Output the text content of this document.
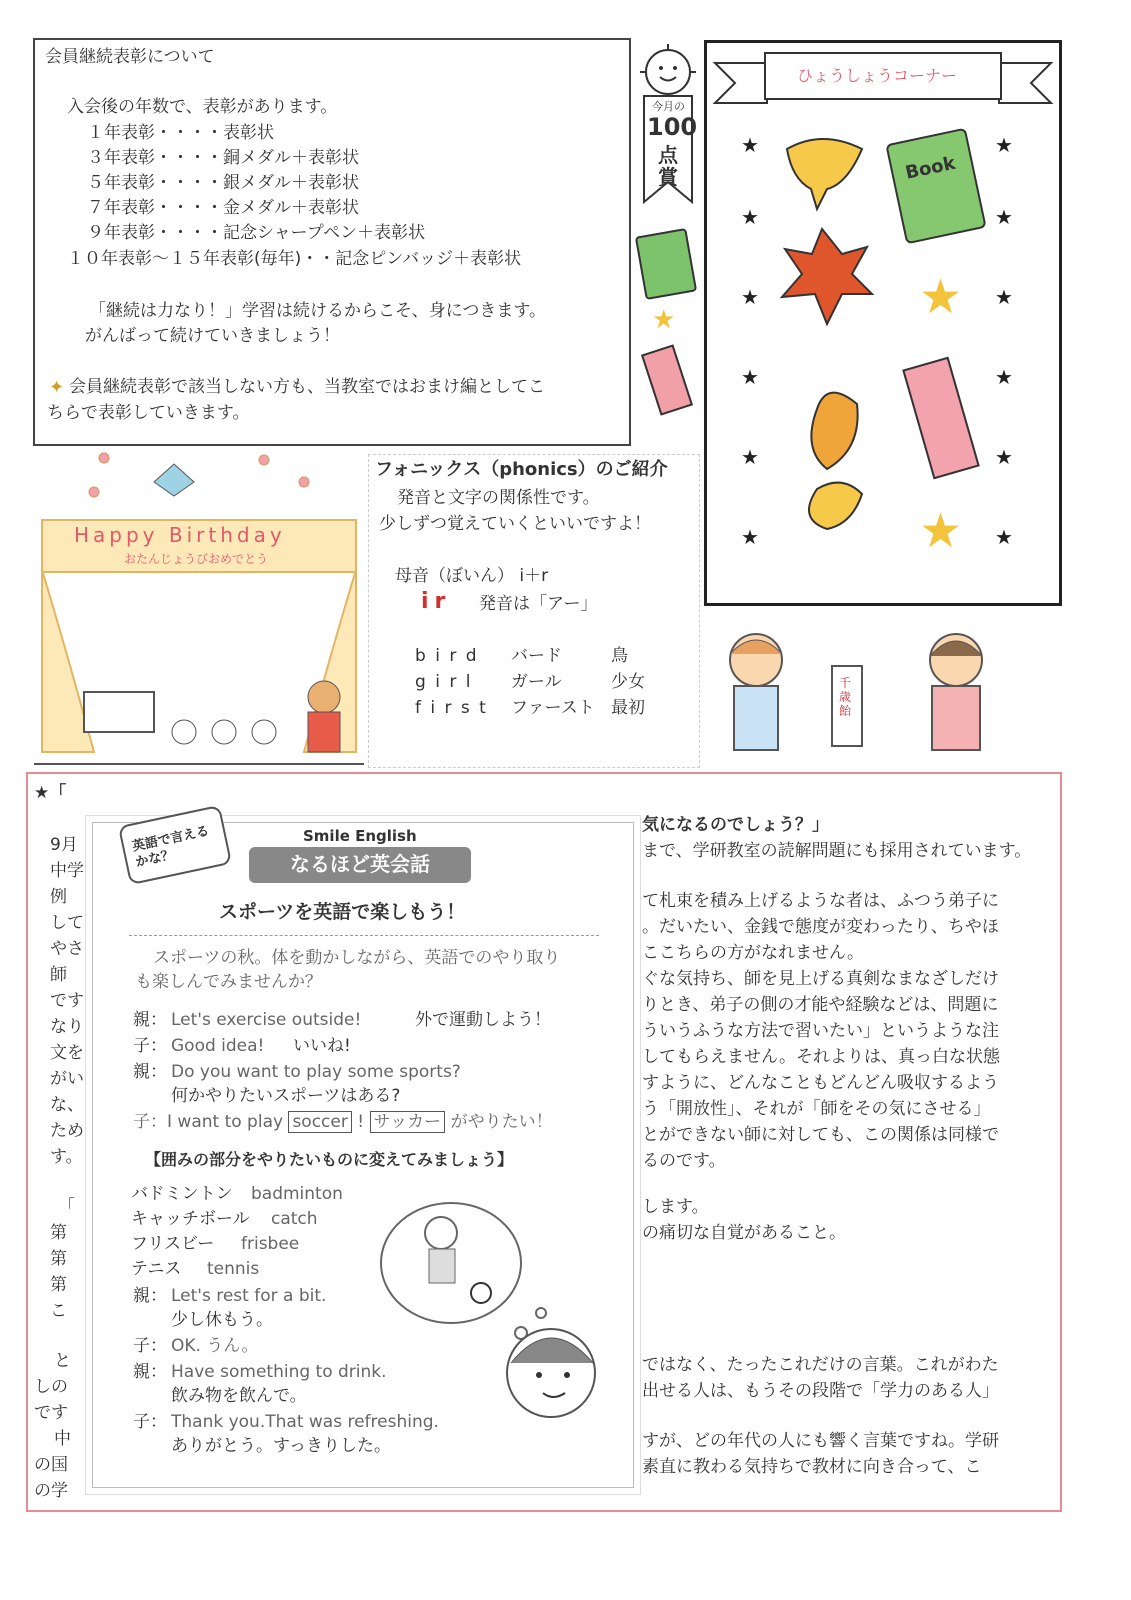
会員継続表彰について
入会後の年数で、表彰があります。
１年表彰・・・・表彰状
３年表彰・・・・銅メダル＋表彰状
５年表彰・・・・銀メダル＋表彰状
７年表彰・・・・金メダル＋表彰状
９年表彰・・・・記念シャープペン＋表彰状
１０年表彰〜１５年表彰(毎年)・・記念ピンバッジ＋表彰状
「継続は力なり！」学習は続けるからこそ、身につきます。
がんばって続けていきましょう！
✦ 会員継続表彰で該当しない方も、当教室ではおまけ編としてこ
ちらで表彰していきます。
今月の
100
点
賞
★
ひょうしょうコーナー
★
★
★
★
★
★
★
★
★
★
★
★
Book
★
★
Happy Birthday
おたんじょうびおめでとう
フォニックス（phonics）のご紹介
発音と文字の関係性です。
少しずつ覚えていくといいですよ！
母音（ぼいん） i＋r
ir 発音は「アー」
b i r d バード	鳥
g i r l ガール	少女
f i r s t ファースト 最初
千歳飴
★「
9月
中学
例
して
やさ
師
です
なり
文を
がい
な、
ため
す。
「
第
第
第
こ
と
しの
です
中
の国
の学
気になるのでしょう？」
まで、学研教室の読解問題にも採用されています。
て札束を積み上げるような者は、ふつう弟子に
。だいたい、金銭で態度が変わったり、ちやほ
ここちらの方がなれません。
ぐな気持ち、師を見上げる真剣なまなざしだけ
りとき、弟子の側の才能や経験などは、問題に
ういうふうな方法で習いたい」というような注
してもらえません。それよりは、真っ白な状態
すように、どんなこともどんどん吸収するよう
う「開放性」、それが「師をその気にさせる」
とができない師に対しても、この関係は同様で
るのです。
します。
の痛切な自覚があること。
ではなく、たったこれだけの言葉。これがわた
出せる人は、もうその段階で「学力のある人」
すが、どの年代の人にも響く言葉ですね。学研
素直に教わる気持ちで教材に向き合って、こ
英語で言えるかな？
Smile English
なるほど英会話
スポーツを英語で楽しもう！
スポーツの秋。体を動かしながら、英語でのやり取り
も楽しんでみませんか？
親： Let's exercise outside!	外で運動しよう！
子： Good idea! いいね!
親： Do you want to play some sports?
何かやりたいスポーツはある?
子：I want to play soccer ! サッカー がやりたい！
【囲みの部分をやりたいものに変えてみましょう】
バドミントン badminton
キャッチボール catch
フリスビー frisbee
テニス tennis
親： Let's rest for a bit.
少し休もう。
子： OK. うん。
親： Have something to drink.
飲み物を飲んで。
子： Thank you.That was refreshing.
ありがとう。すっきりした。
